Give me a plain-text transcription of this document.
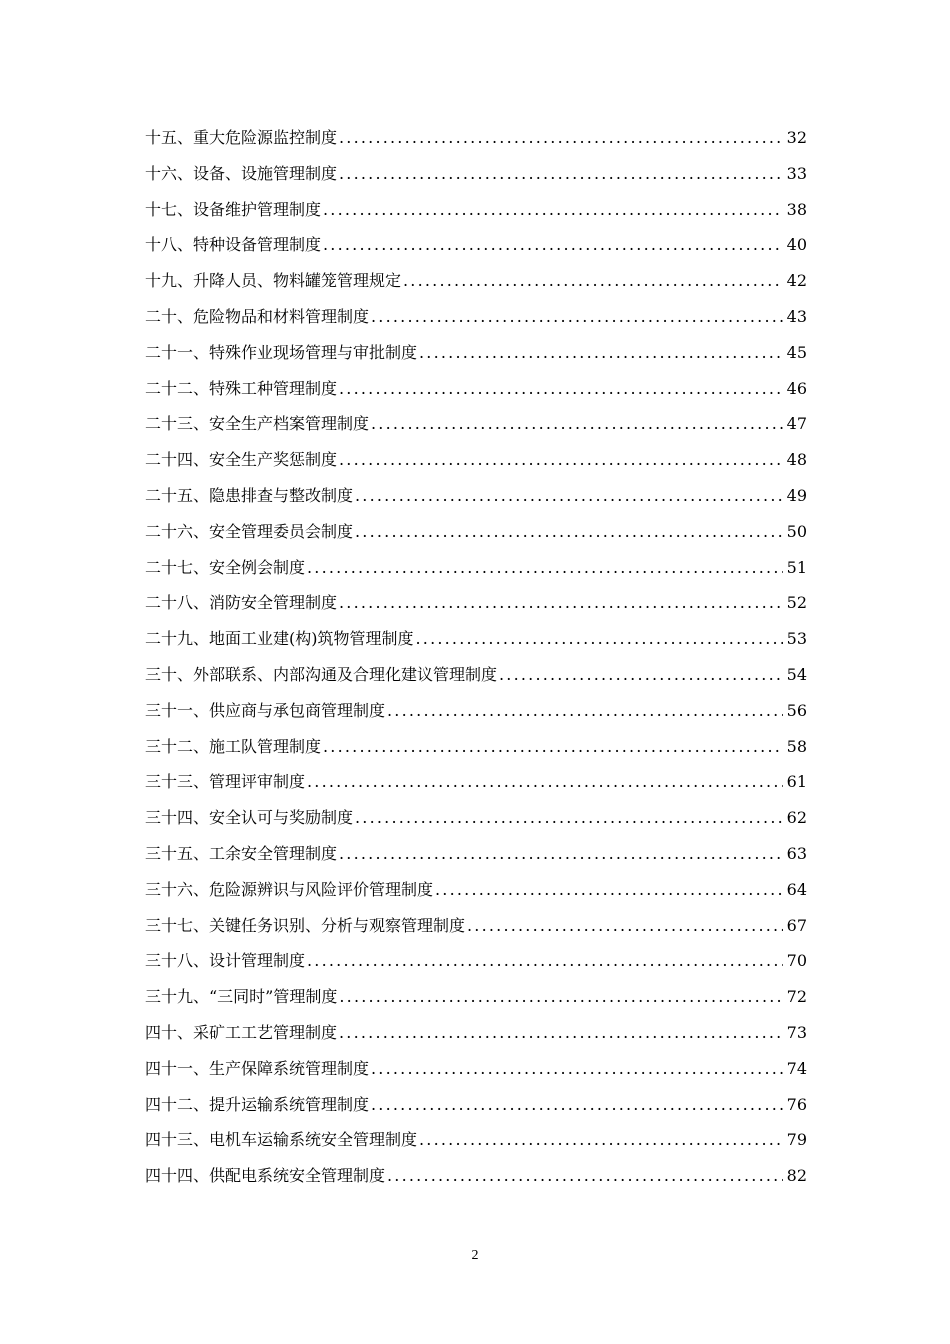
十五、重大危险源监控制度 .....	32
十六、设备、设施管理制度 .....	33
十七、设备维护管理制度 .....	38
十八、特种设备管理制度 .....	40
十九、升降人员、物料罐笼管理规定 .....	42
二十、危险物品和材料管理制度 .....	43
二十一、特殊作业现场管理与审批制度 .....	45
二十二、特殊工种管理制度 .....	46
二十三、安全生产档案管理制度 .....	47
二十四、安全生产奖惩制度 .....	48
二十五、隐患排查与整改制度 .....	49
二十六、安全管理委员会制度 .....	50
二十七、安全例会制度 .....	51
二十八、消防安全管理制度 .....	52
二十九、地面工业建(构)筑物管理制度 .....	53
三十、外部联系、内部沟通及合理化建议管理制度 .....	54
三十一、供应商与承包商管理制度 .....	56
三十二、施工队管理制度 .....	58
三十三、管理评审制度 .....	61
三十四、安全认可与奖励制度 .....	62
三十五、工余安全管理制度 .....	63
三十六、危险源辨识与风险评价管理制度 .....	64
三十七、关键任务识别、分析与观察管理制度 .....	67
三十八、设计管理制度 .....	70
三十九、“三同时”管理制度 .....	72
四十、采矿工工艺管理制度 .....	73
四十一、生产保障系统管理制度 .....	74
四十二、提升运输系统管理制度 .....	76
四十三、电机车运输系统安全管理制度 .....	79
四十四、供配电系统安全管理制度 .....	82
2
